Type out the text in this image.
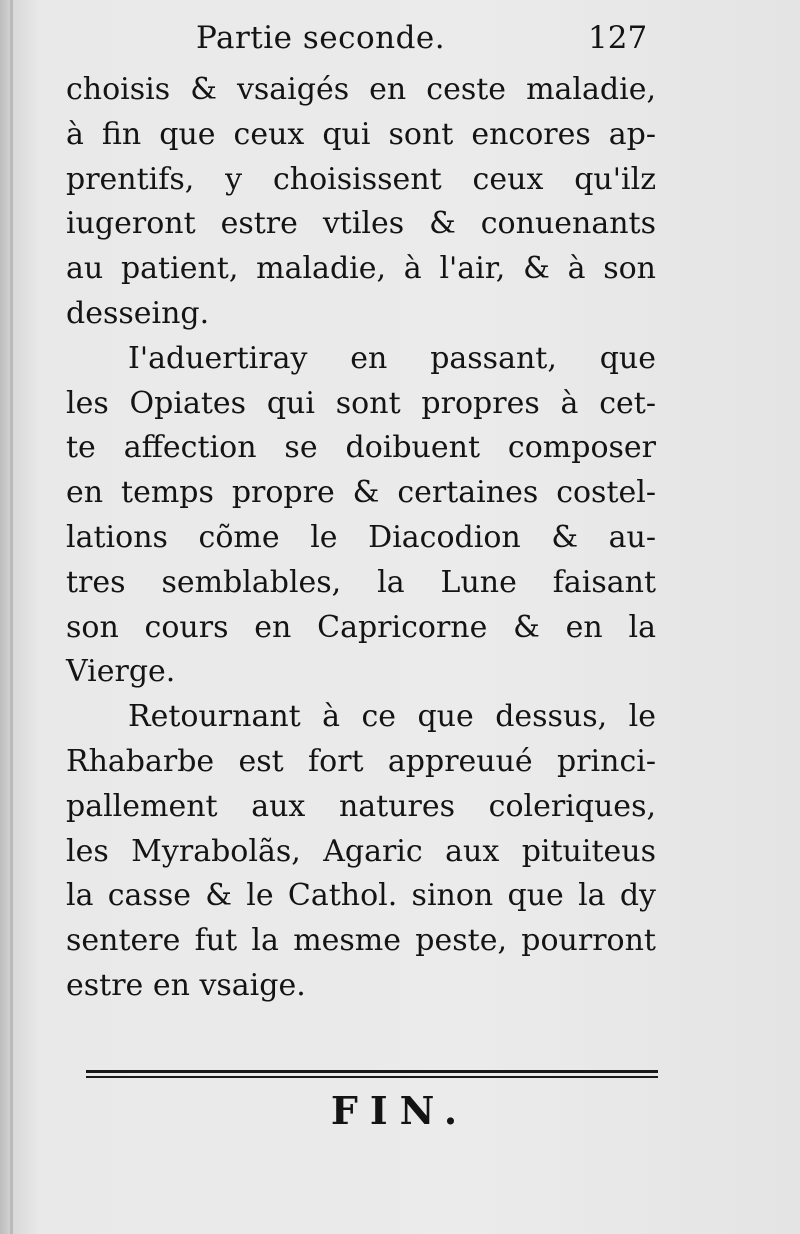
Partie seconde.	127
choisis & vsaigés en ceste maladie,
à fin que ceux qui sont encores ap-
prentifs, y choisissent ceux qu'ilz
iugeront estre vtiles & conuenants
au patient, maladie, à l'air, & à son
desseing.
I'aduertiray en passant, que
les Opiates qui sont propres à cet-
te affection se doibuent composer
en temps propre & certaines costel-
lations cõme le Diacodion & au-
tres semblables, la Lune faisant
son cours en Capricorne & en la
Vierge.
Retournant à ce que dessus, le
Rhabarbe est fort appreuué princi-
pallement aux natures coleriques,
les Myrabolãs, Agaric aux pituiteus
la casse & le Cathol. sinon que la dy
sentere fut la mesme peste, pourront
estre en vsaige.
FIN.
